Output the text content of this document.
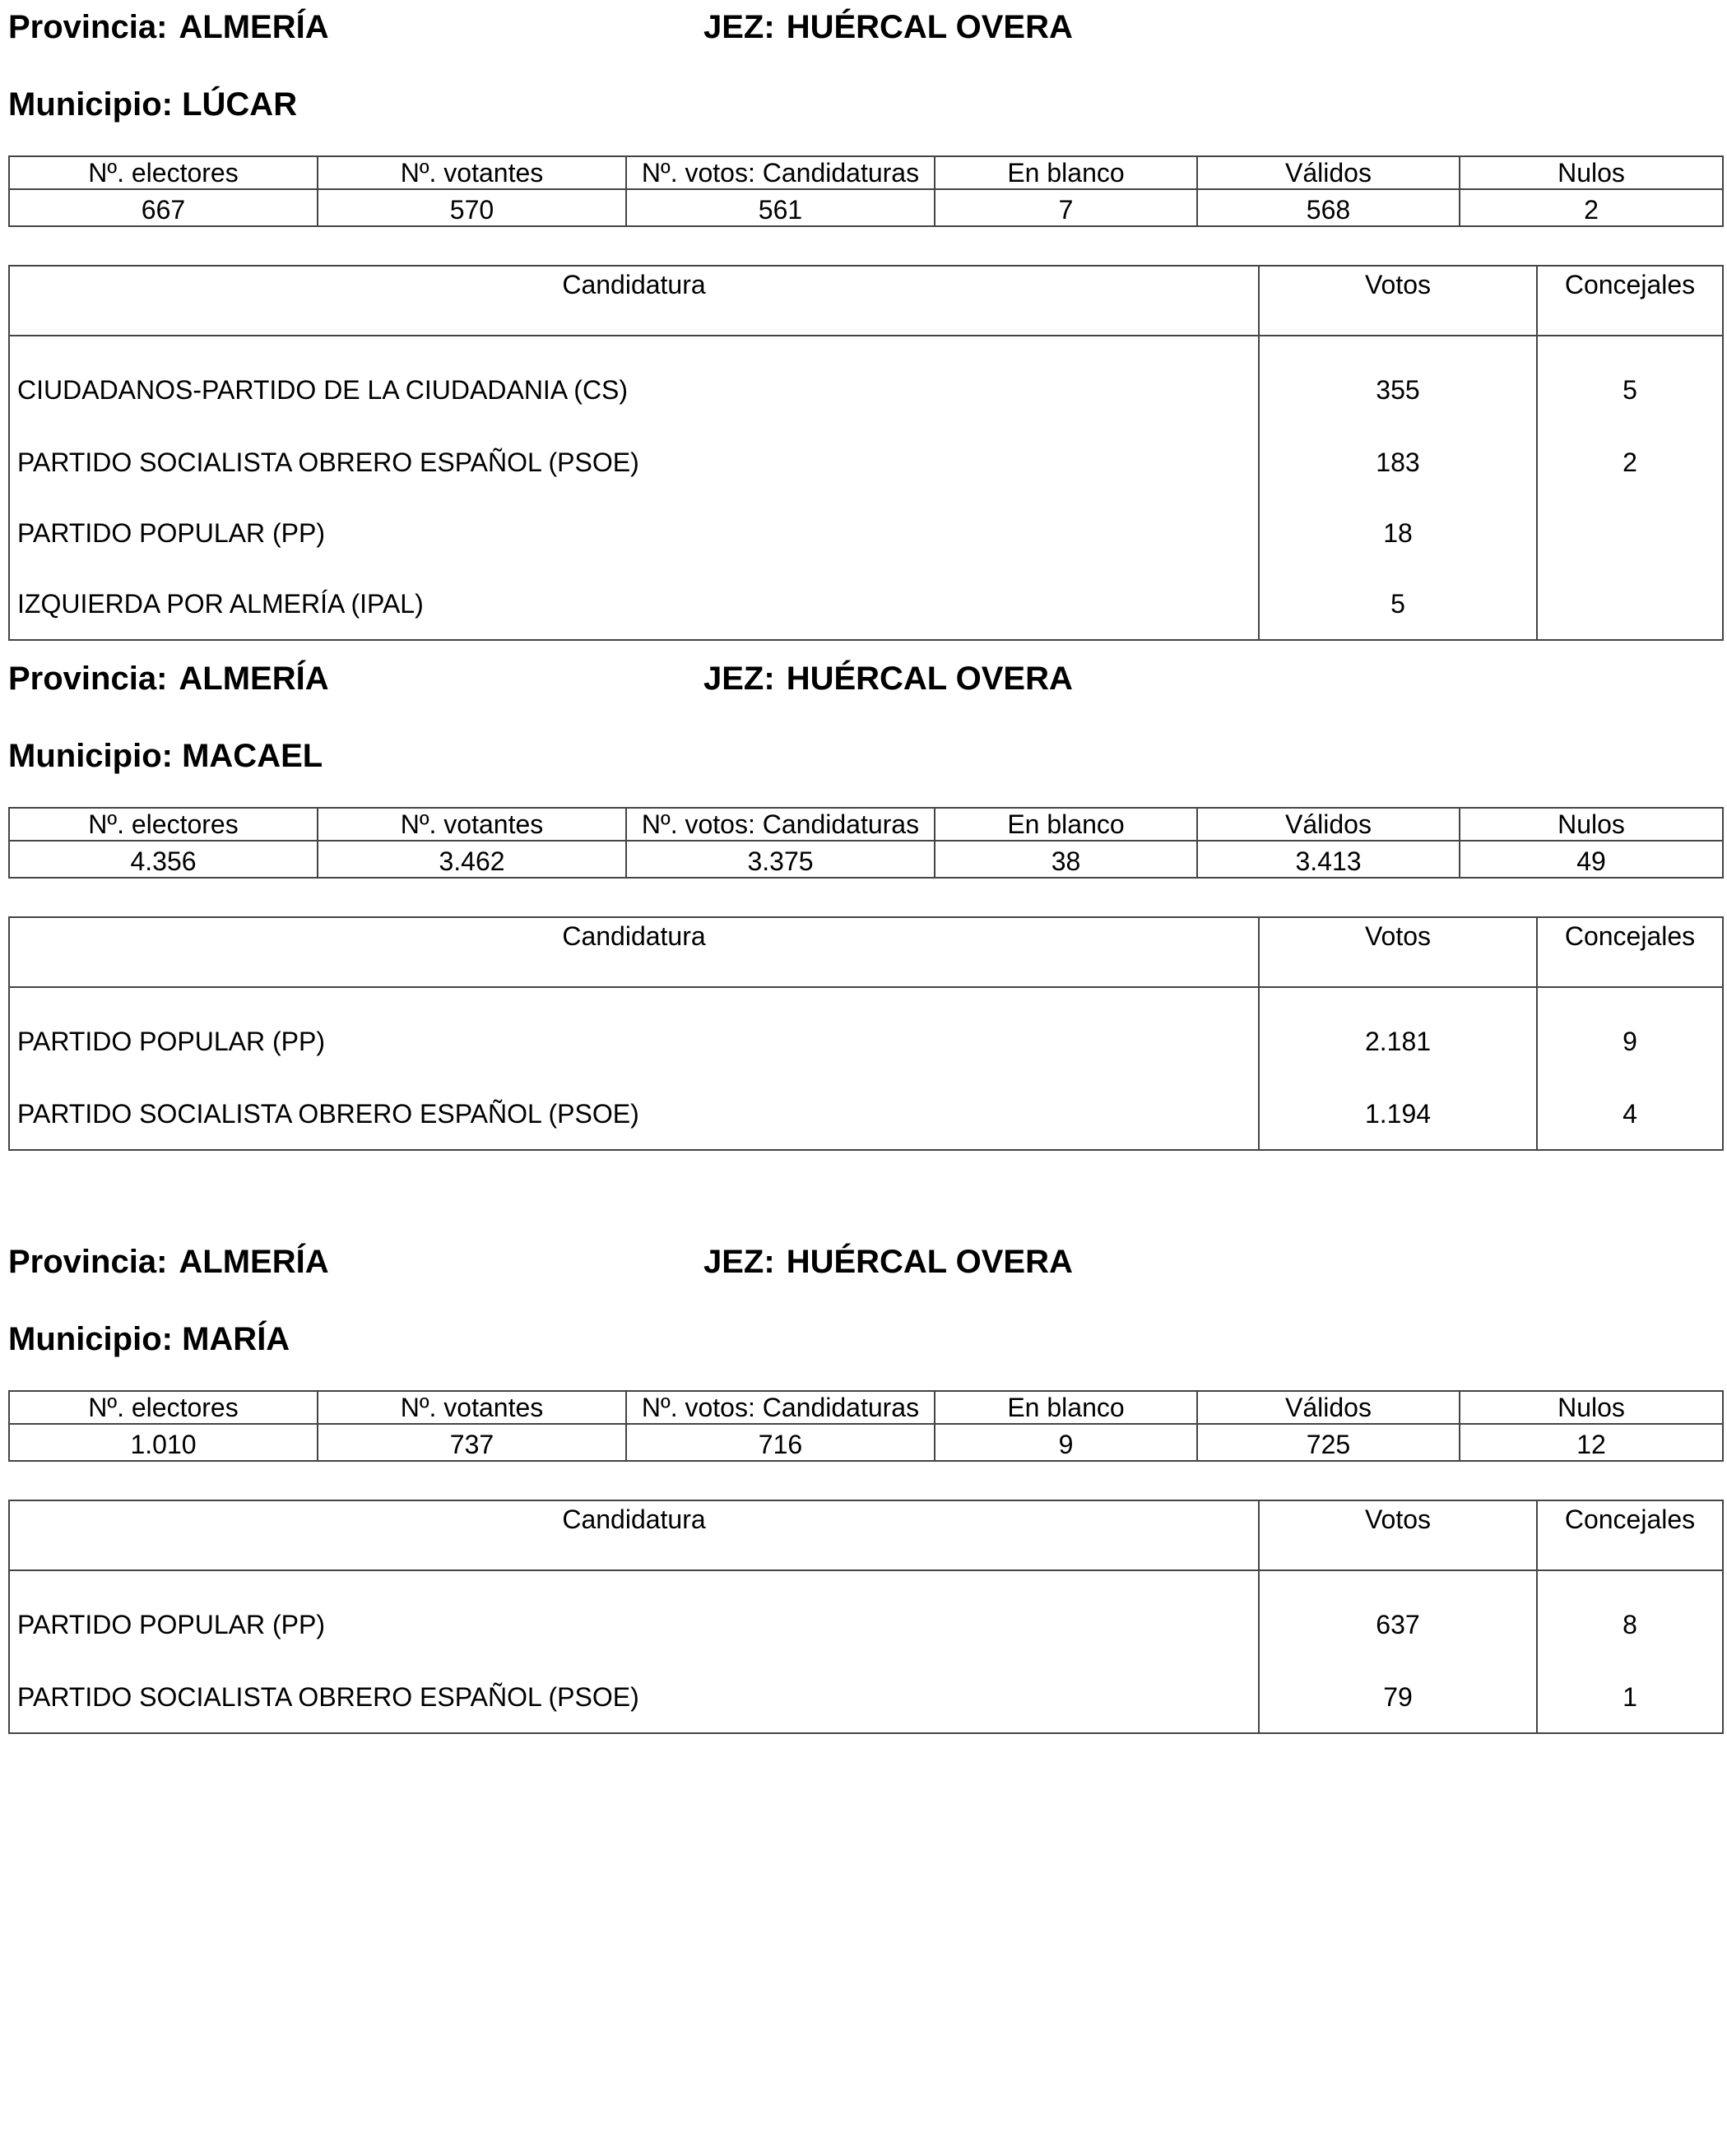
Provincia: ALMERÍA	JEZ: HUÉRCAL OVERA
Municipio: LÚCAR
Nº. electores	Nº. votantes	Nº. votos: Candidaturas	En blanco	Válidos	Nulos

667	570	561	7	568	2
Candidatura	Votos	Concejales
CIUDADANOS-PARTIDO DE LA CIUDADANIA (CS)	355	5
PARTIDO SOCIALISTA OBRERO ESPAÑOL (PSOE)	183	2
PARTIDO POPULAR (PP)	18	
IZQUIERDA POR ALMERÍA (IPAL)	5	
Provincia: ALMERÍA	JEZ: HUÉRCAL OVERA
Municipio: MACAEL
Nº. electores	Nº. votantes	Nº. votos: Candidaturas	En blanco	Válidos	Nulos

4.356	3.462	3.375	38	3.413	49
Candidatura	Votos	Concejales
PARTIDO POPULAR (PP)	2.181	9
PARTIDO SOCIALISTA OBRERO ESPAÑOL (PSOE)	1.194	4
Provincia: ALMERÍA	JEZ: HUÉRCAL OVERA
Municipio: MARÍA
Nº. electores	Nº. votantes	Nº. votos: Candidaturas	En blanco	Válidos	Nulos

1.010	737	716	9	725	12
Candidatura	Votos	Concejales
PARTIDO POPULAR (PP)	637	8
PARTIDO SOCIALISTA OBRERO ESPAÑOL (PSOE)	79	1
